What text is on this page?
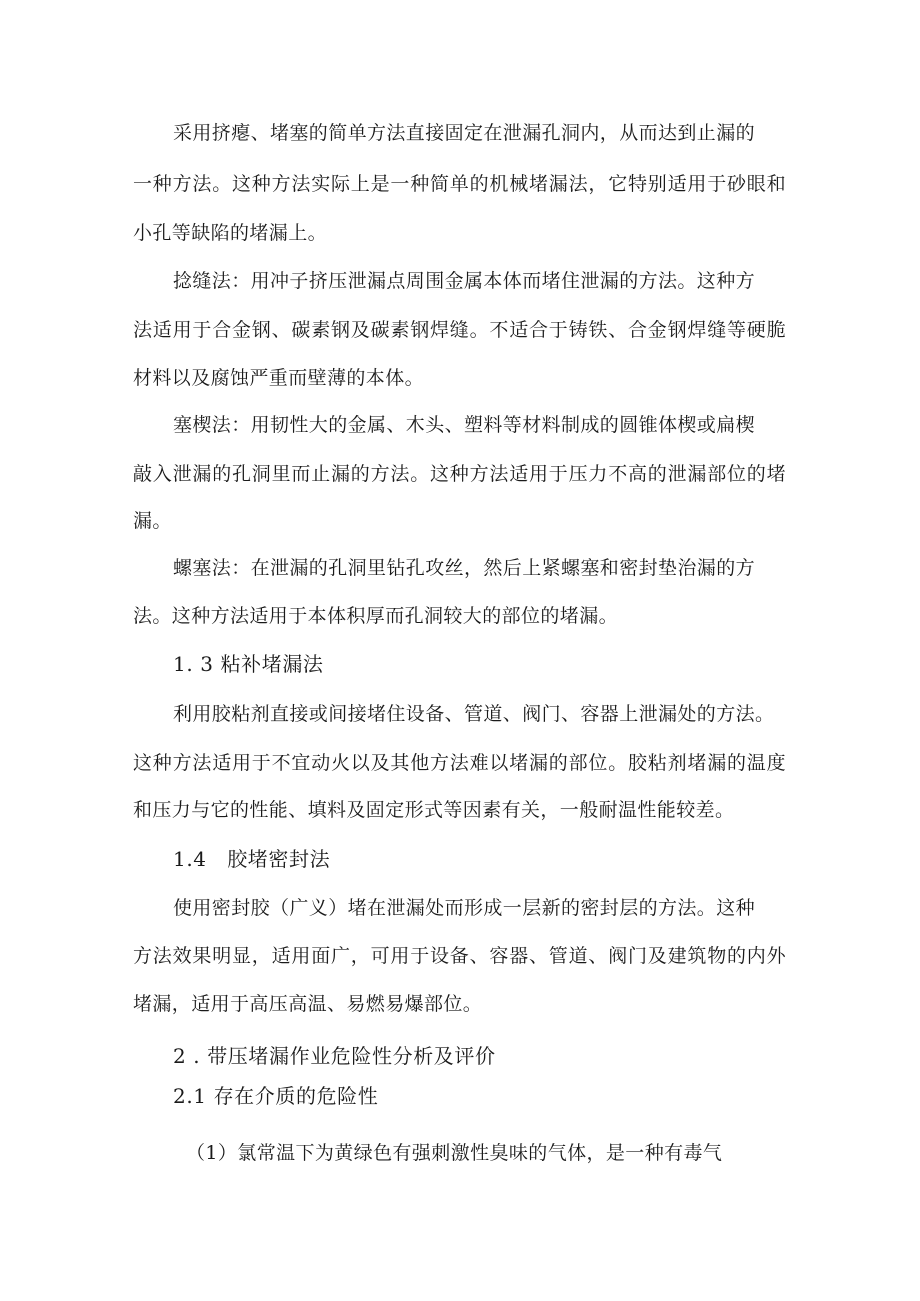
采用挤瘪、堵塞的简单方法直接固定在泄漏孔洞内，从而达到止漏的
一种方法。这种方法实际上是一种简单的机械堵漏法，它特别适用于砂眼和
小孔等缺陷的堵漏上。
捻缝法：用冲子挤压泄漏点周围金属本体而堵住泄漏的方法。这种方
法适用于合金钢、碳素钢及碳素钢焊缝。不适合于铸铁、合金钢焊缝等硬脆
材料以及腐蚀严重而壁薄的本体。
塞楔法：用韧性大的金属、木头、塑料等材料制成的圆锥体楔或扁楔
敲入泄漏的孔洞里而止漏的方法。这种方法适用于压力不高的泄漏部位的堵
漏。
螺塞法：在泄漏的孔洞里钻孔攻丝，然后上紧螺塞和密封垫治漏的方
法。这种方法适用于本体积厚而孔洞较大的部位的堵漏。
1. 3 粘补堵漏法
利用胶粘剂直接或间接堵住设备、管道、阀门、容器上泄漏处的方法。
这种方法适用于不宜动火以及其他方法难以堵漏的部位。胶粘剂堵漏的温度
和压力与它的性能、填料及固定形式等因素有关，一般耐温性能较差。
1.4　胶堵密封法
使用密封胶（广义）堵在泄漏处而形成一层新的密封层的方法。这种
方法效果明显，适用面广，可用于设备、容器、管道、阀门及建筑物的内外
堵漏，适用于高压高温、易燃易爆部位。
2 . 带压堵漏作业危险性分析及评价
2.1 存在介质的危险性
（1）氯常温下为黄绿色有强刺激性臭味的气体，是一种有毒气
